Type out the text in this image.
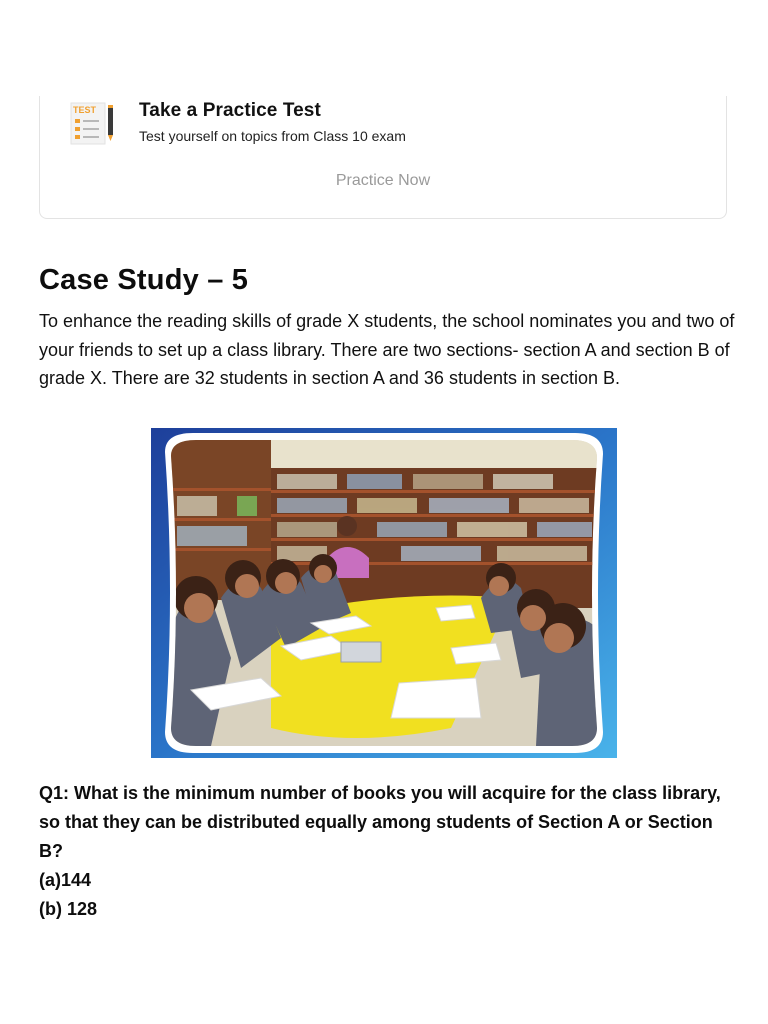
TEST Take a Practice Test
Test yourself on topics from Class 10 exam
Practice Now
Case Study – 5

To enhance the reading skills of grade X students, the school nominates you and two of your friends to set up a class library. There are two sections- section A and section B of grade X. There are 32 students in section A and 36 students in section B.

Q1: What is the minimum number of books you will acquire for the class library, so that they can be distributed equally among students of Section A or Section B?

(a)144

(b) 128
